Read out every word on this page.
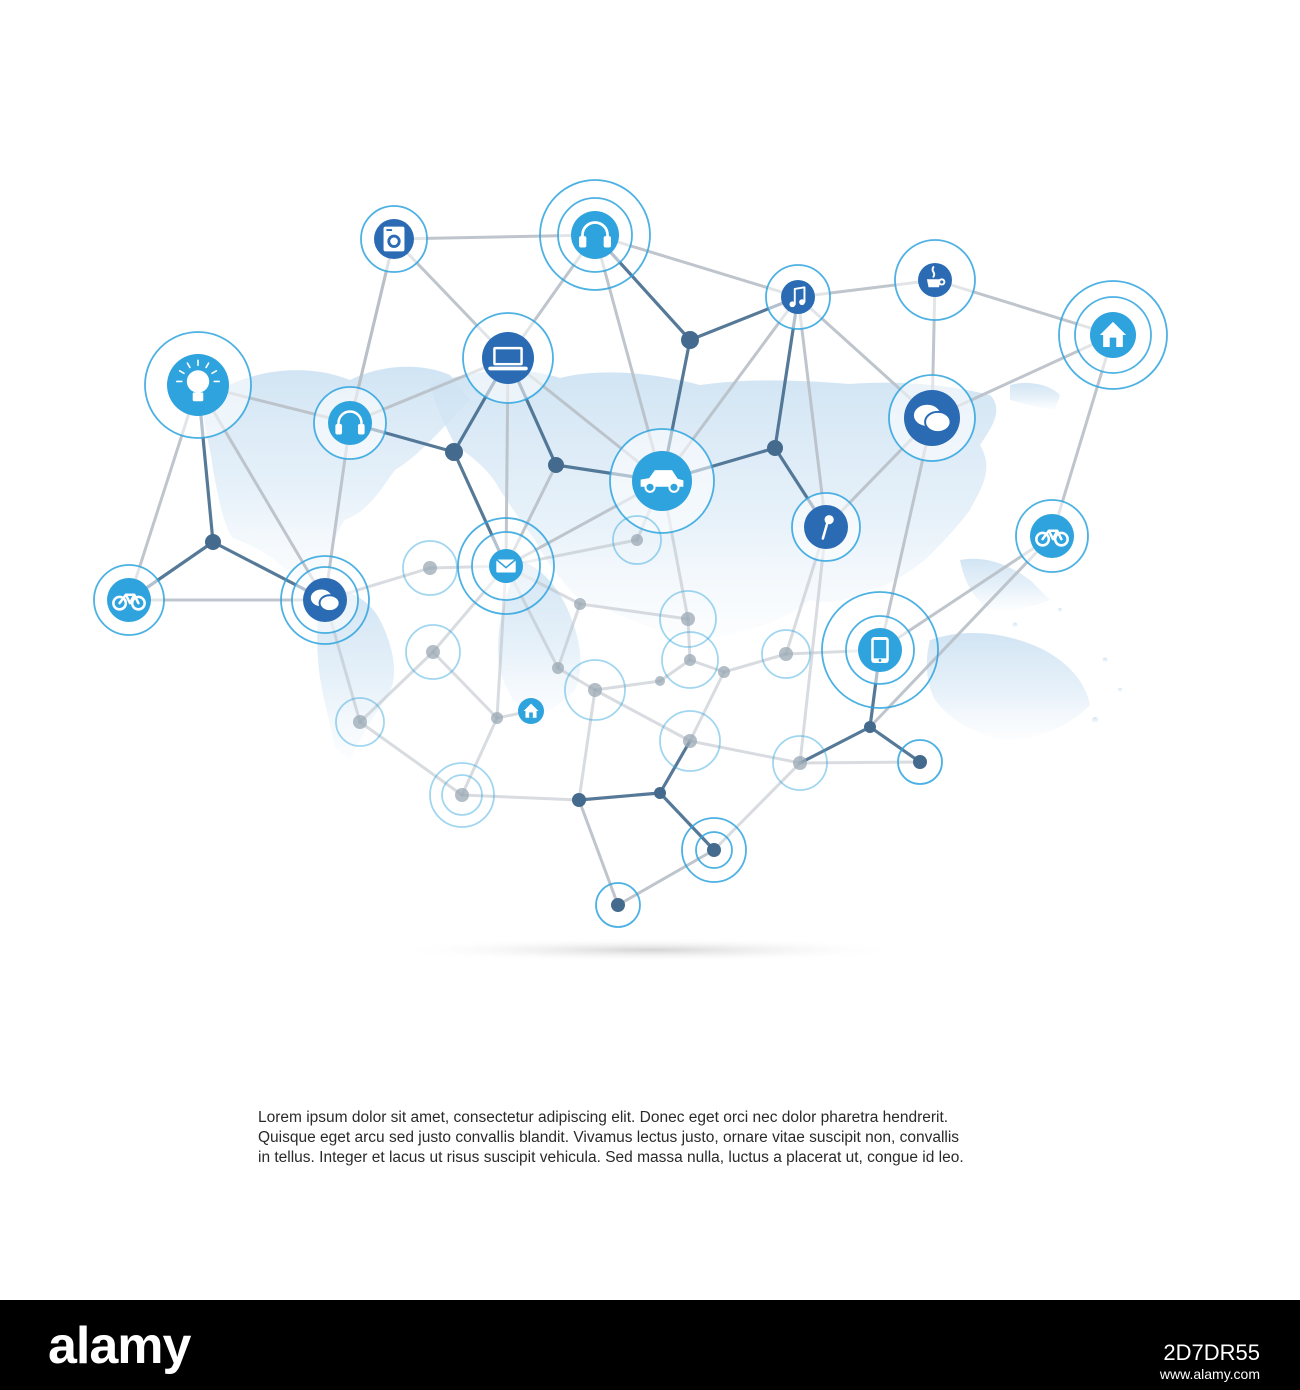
Lorem ipsum dolor sit amet, consectetur adipiscing elit. Donec eget orci nec dolor pharetra hendrerit.
Quisque eget arcu sed justo convallis blandit. Vivamus lectus justo, ornare vitae suscipit non, convallis
in tellus. Integer et lacus ut risus suscipit vehicula. Sed massa nulla, luctus a placerat ut, congue id leo.
alamy	2D7DR55
www.alamy.com
